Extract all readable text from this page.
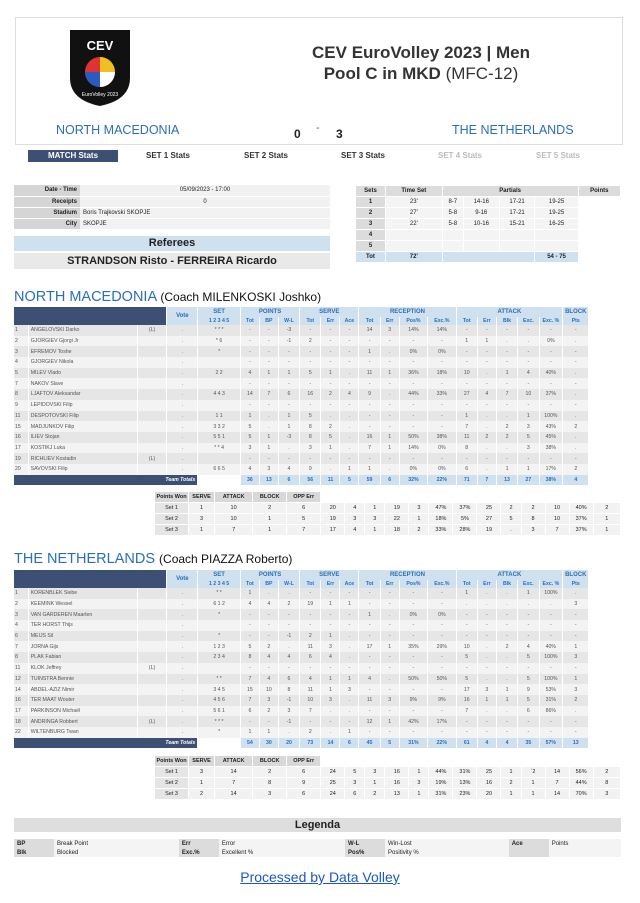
CEV
EuroVolley 2023
CEV EuroVolley 2023 | Men
Pool C in MKD (MFC-12)
NORTH MACEDONIA	0 - 3	THE NETHERLANDS
MATCH Stats	SET 1 Stats	SET 2 Stats	SET 3 Stats	SET 4 Stats	SET 5 Stats
Date - Time	05/09/2023 - 17:00
Receipts	0
Stadium	Boris Trajkovski SKOPJE
City	SKOPJE
Referees
STRANDSON Risto - FERREIRA Ricardo
Sets	Time Set	Partials				Points
1	23'	8-7	14-16	17-21	19-25	
2	27'	5-8	9-16	17-21	19-25	
3	22'	5-8	10-16	15-21	16-25	
4						
5						
Tot	72'				54 - 75	
NORTH MACEDONIA (Coach MILENKOSKI Joshko)
			Vote	SET	POINTS			SERVE			RECEPTION				ATTACK					BLOCK
				1 2 3 4 5	Tot	BP	W-L	Tot	Err	Ace	Tot	Err	Pos%	Exc.%	Tot	Err	Blk	Exc.	Exc. %	Pts
1	ANGELOVSKI Darko	(L)	.	* * *	-	-	-3	-	-	-	14	3	14%	14%	-	-	-	-	-	-
2	GJORGIEV Gjorgi Jr		.	* 6	-	-	-1	2	-	-	-	-	-	-	1	1	.	.	0%	.
3	EFREMOV Toshe		.	*	-	-	-	-	-	-	1	.	0%	0%	-	-	-	-	-	-
4	GJORGIEV Nikola		.		-	-	-	-	-	-	-	-	-	-	-	-	-	-	-	-
5	MILEV Vlado		.	2 2	4	1	1	5	1	.	11	1	36%	18%	10	.	1	4	40%	.
7	NAKOV Slave		.		-	-	-	-	-	-	-	-	-	-	-	-	-	-	-	-
8	LJAFTOV Aleksandar		.	4 4 3	14	7	6	16	2	4	9	.	44%	33%	27	4	7	10	37%	.
9	LEPIDOVSKI Filip		.		-	-	-	-	-	-	-	-	-	-	-	-	-	-	-	-
11	DESPOTOVSKI Filip		.	1 1	1	.	1	5	.	.	-	-	-	-	1	.	.	1	100%	.
15	MADJUNKOV Filip		.	3 3 2	5	.	1	8	2	.	-	-	-	-	7	.	2	3	43%	2
16	ILIEV Stojan		.	5 5 1	5	1	-3	8	5	.	16	1	50%	38%	11	2	2	5	45%	.
17	KOSTIKJ Luka		.	* * 4	3	1	.	3	1	.	7	1	14%	0%	8	.	.	3	38%	.
19	RICHLIEV Kostadin	(L)	.		-	-	-	-	-	-	-	-	-	-	-	-	-	-	-	-
20	SAVOVSKI Filip		.	6 6 5	4	3	4	9	.	1	1	.	0%	0%	6	.	1	1	17%	2
Team Totals					36	13	6	56	11	5	59	6	32%	22%	71	7	13	27	38%	4
Points Won	SERVE	ATTACK	BLOCK	OPP Err													
Set 1	1	10	2	6	20	4	1	19	3	47%	37%	25	2	2	10	40%	2
Set 2	3	10	1	5	19	3	3	22	1	18%	5%	27	5	8	10	37%	1
Set 3	1	7	1	7	17	4	1	18	2	33%	28%	19	.	3	7	37%	1
THE NETHERLANDS (Coach PIAZZA Roberto)
			Vote	SET	POINTS			SERVE			RECEPTION				ATTACK					BLOCK
				1 2 3 4 5	Tot	BP	W-L	Tot	Err	Ace	Tot	Err	Pos%	Exc.%	Tot	Err	Blk	Exc.	Exc. %	Pts
1	KORENBLEK Siebe		.	* *	1	.	.	-	-	-	-	-	-	-	1	.	.	1	100%	.
2	KEEMINK Wessel		.	6 1 2	4	4	2	19	1	1	-	-	-	-	.	.	.	.	.	3
3	VAN GARDEREN Maarten		.	*	-	-	-	-	-	-	1	.	0%	0%	-	-	-	-	-	-
4	TER HORST Thijs		.		-	-	-	-	-	-	-	-	-	-	-	-	-	-	-	-
6	MEIJS Sil		.	*	-	-	-1	2	1	.	-	-	-	-	-	-	-	-	-	-
7	JORNA Gijs		.	1 2 3	5	2	.	11	3	.	17	1	35%	29%	10	.	2	4	40%	1
8	PLAK Fabian		.	2 3 4	8	4	4	6	4	.	-	-	-	-	5	.	.	5	100%	3
11	KLOK Jeffrey	(L)	.		-	-	-	-	-	-	-	-	-	-	-	-	-	-	-	-
12	TUINSTRA Bennie		.	* *	7	4	6	4	1	1	4	.	50%	50%	5	.	.	5	100%	1
14	ABDEL-AZIZ Nimir		.	3 4 5	15	10	8	11	1	3	-	-	-	-	17	3	1	9	53%	3
16	TER MAAT Wouter		.	4 5 6	7	3	-1	10	3	.	11	3	9%	9%	16	1	1	5	31%	2
17	PARKINSON Michaël		.	5 6 1	6	2	3	7	.	.	-	-	-	-	7	.	.	6	86%	.
18	ANDRINGA Robbert	(L)	.	* * *	-	-	-1	-	-	-	12	1	42%	17%	-	-	-	-	-	-
22	WILTENBURG Twan		.	*	1	1	.	2	.	1	-	-	-	-	-	-	-	-	-	-
Team Totals					54	30	20	73	14	6	45	5	31%	22%	61	4	4	35	57%	13
Points Won	SERVE	ATTACK	BLOCK	OPP Err													
Set 1	3	14	2	6	24	5	3	16	1	44%	31%	25	1	`2	14	56%	2
Set 2	1	7	8	9	25	3	1	16	3	19%	13%	16	2	1	7	44%	8
Set 3	2	14	3	6	24	6	2	13	1	31%	23%	20	1	1	14	70%	3
Legenda
BP	Break Point	Err	Error	W-L	Win-Lost	Ace	Points
Blk	Blocked	Exc.%	Excellent %	Pos%	Positivity %		
Processed by Data Volley
